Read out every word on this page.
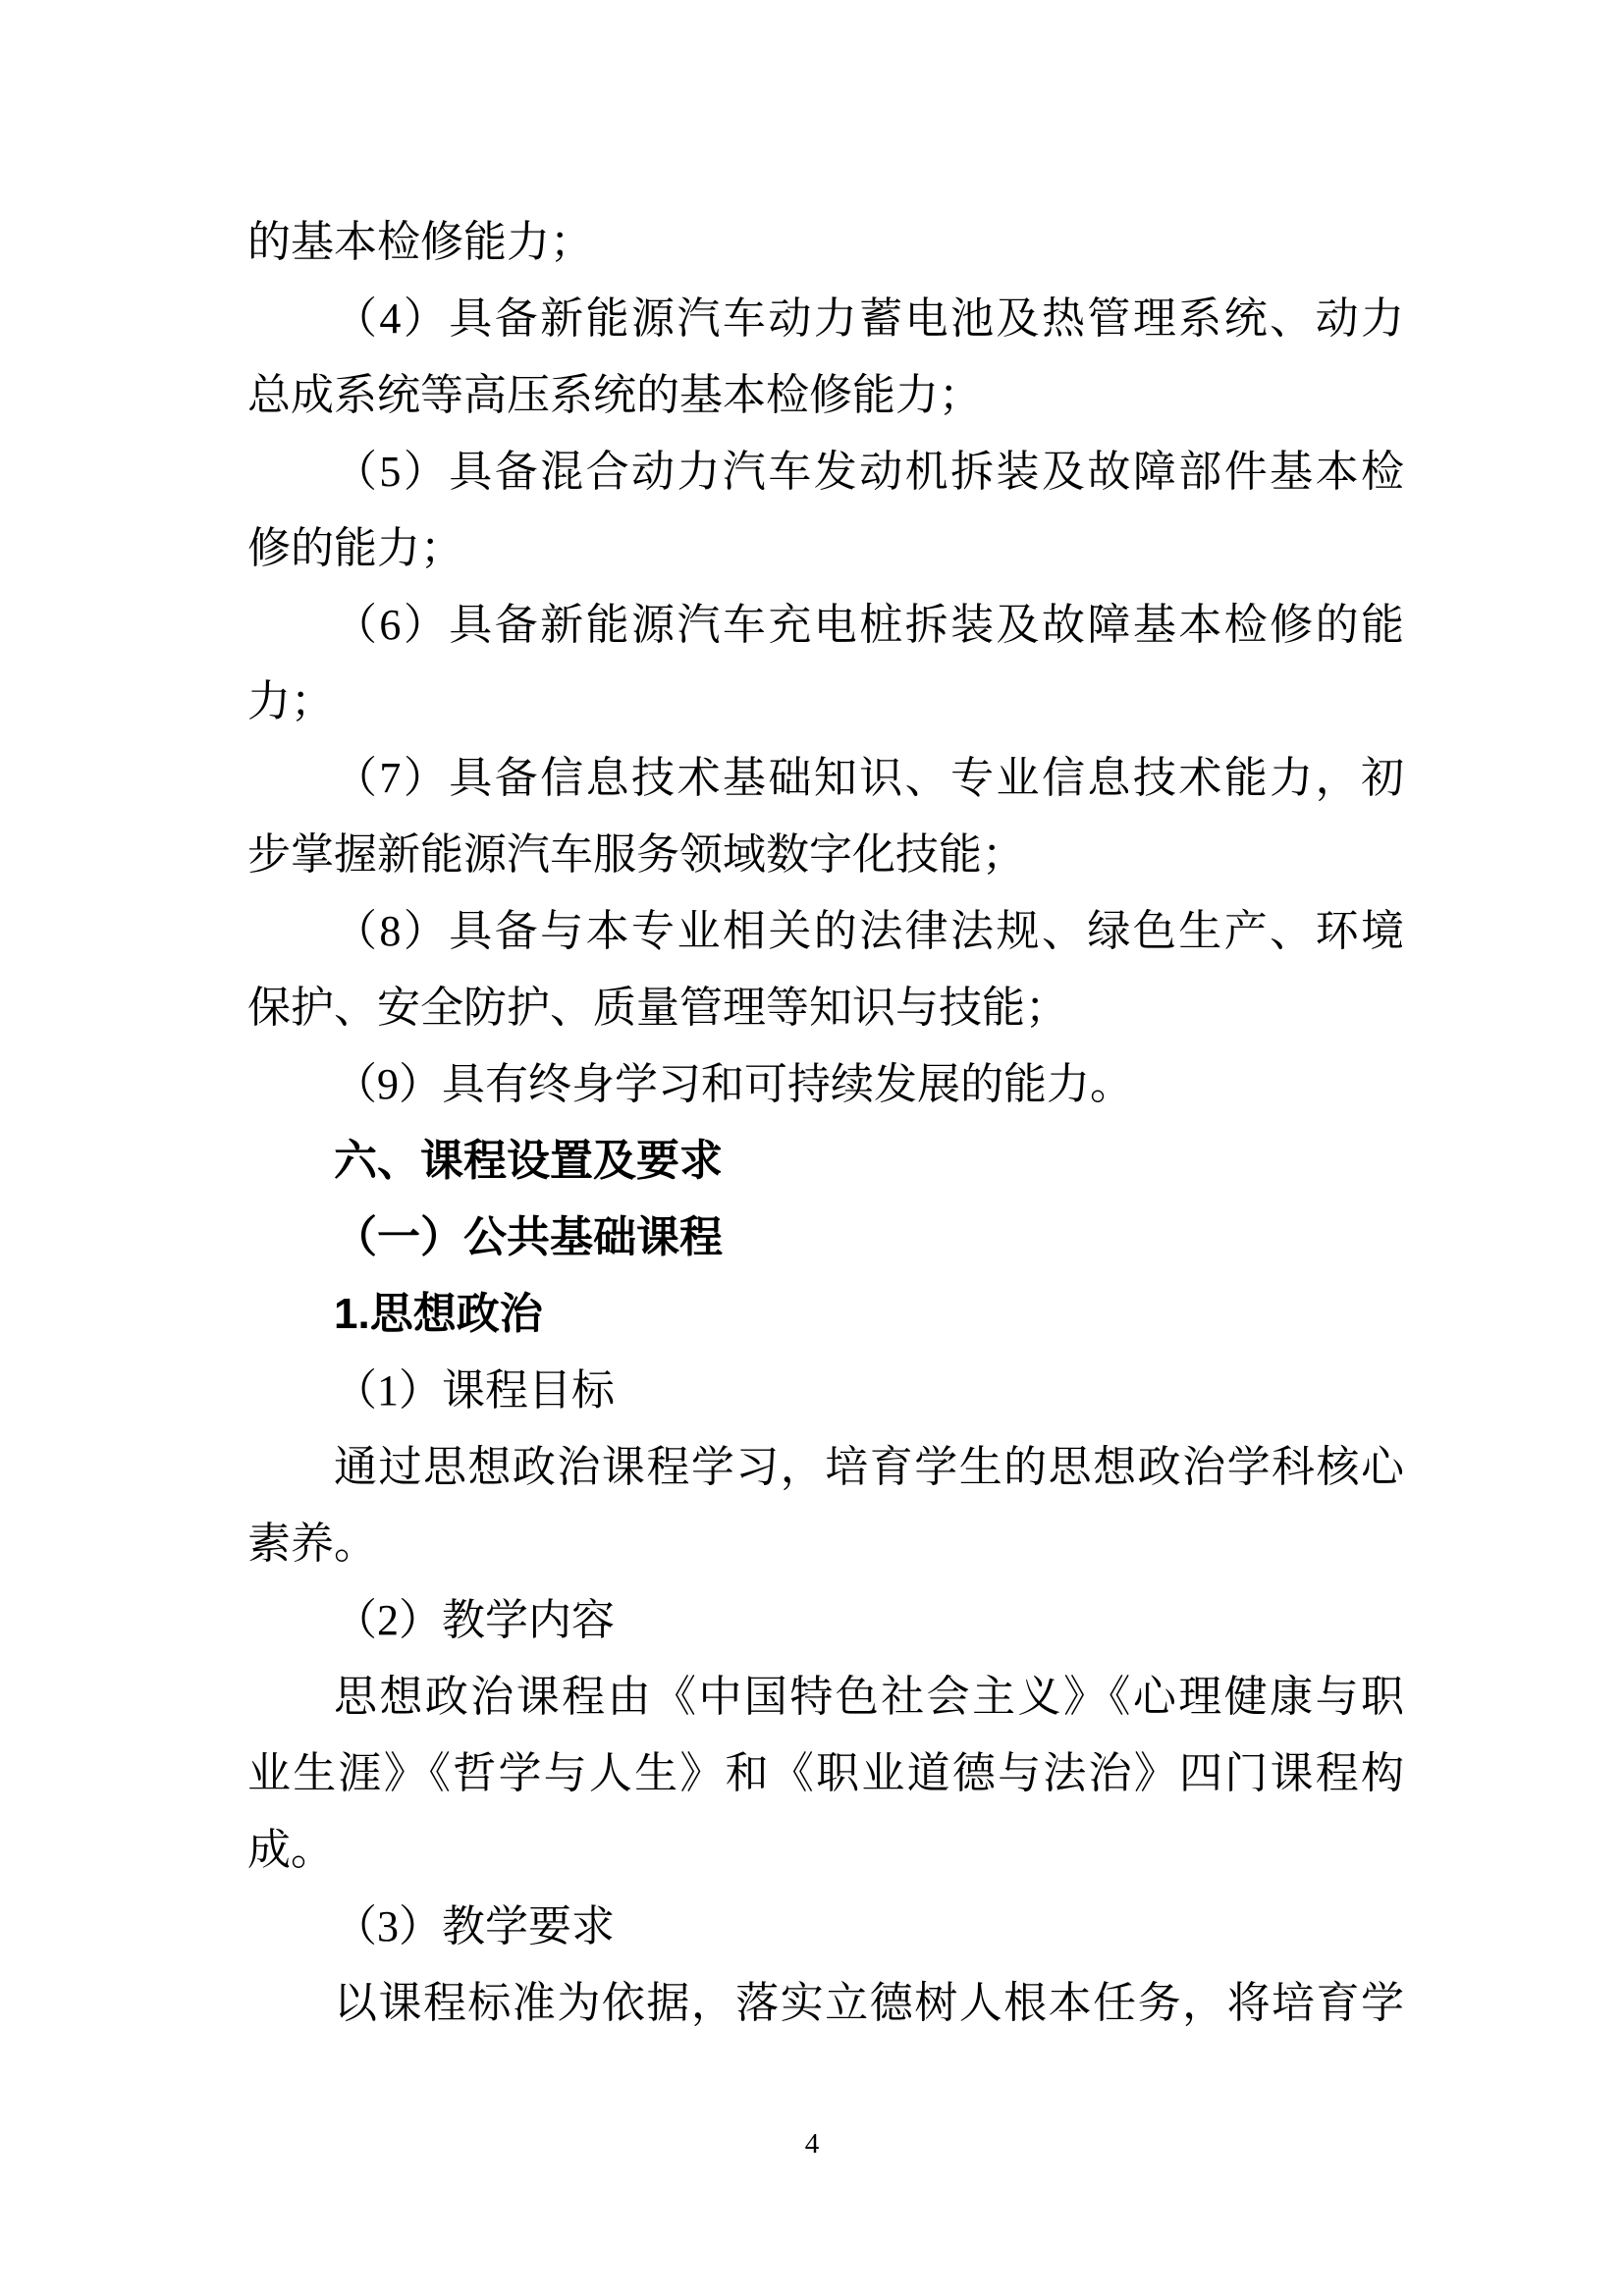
的基本检修能力；
（4）具备新能源汽车动力蓄电池及热管理系统、动力
总成系统等高压系统的基本检修能力；
（5）具备混合动力汽车发动机拆装及故障部件基本检
修的能力；
（6）具备新能源汽车充电桩拆装及故障基本检修的能
力；
（7）具备信息技术基础知识、专业信息技术能力，初
步掌握新能源汽车服务领域数字化技能；
（8）具备与本专业相关的法律法规、绿色生产、环境
保护、安全防护、质量管理等知识与技能；
（9）具有终身学习和可持续发展的能力。
六、课程设置及要求
（一）公共基础课程
1.思想政治
（1）课程目标
通过思想政治课程学习，培育学生的思想政治学科核心
素养。
（2）教学内容
思想政治课程由《中国特色社会主义》《心理健康与职
业生涯》《哲学与人生》和《职业道德与法治》四门课程构
成。
（3）教学要求
以课程标准为依据，落实立德树人根本任务，将培育学
4
